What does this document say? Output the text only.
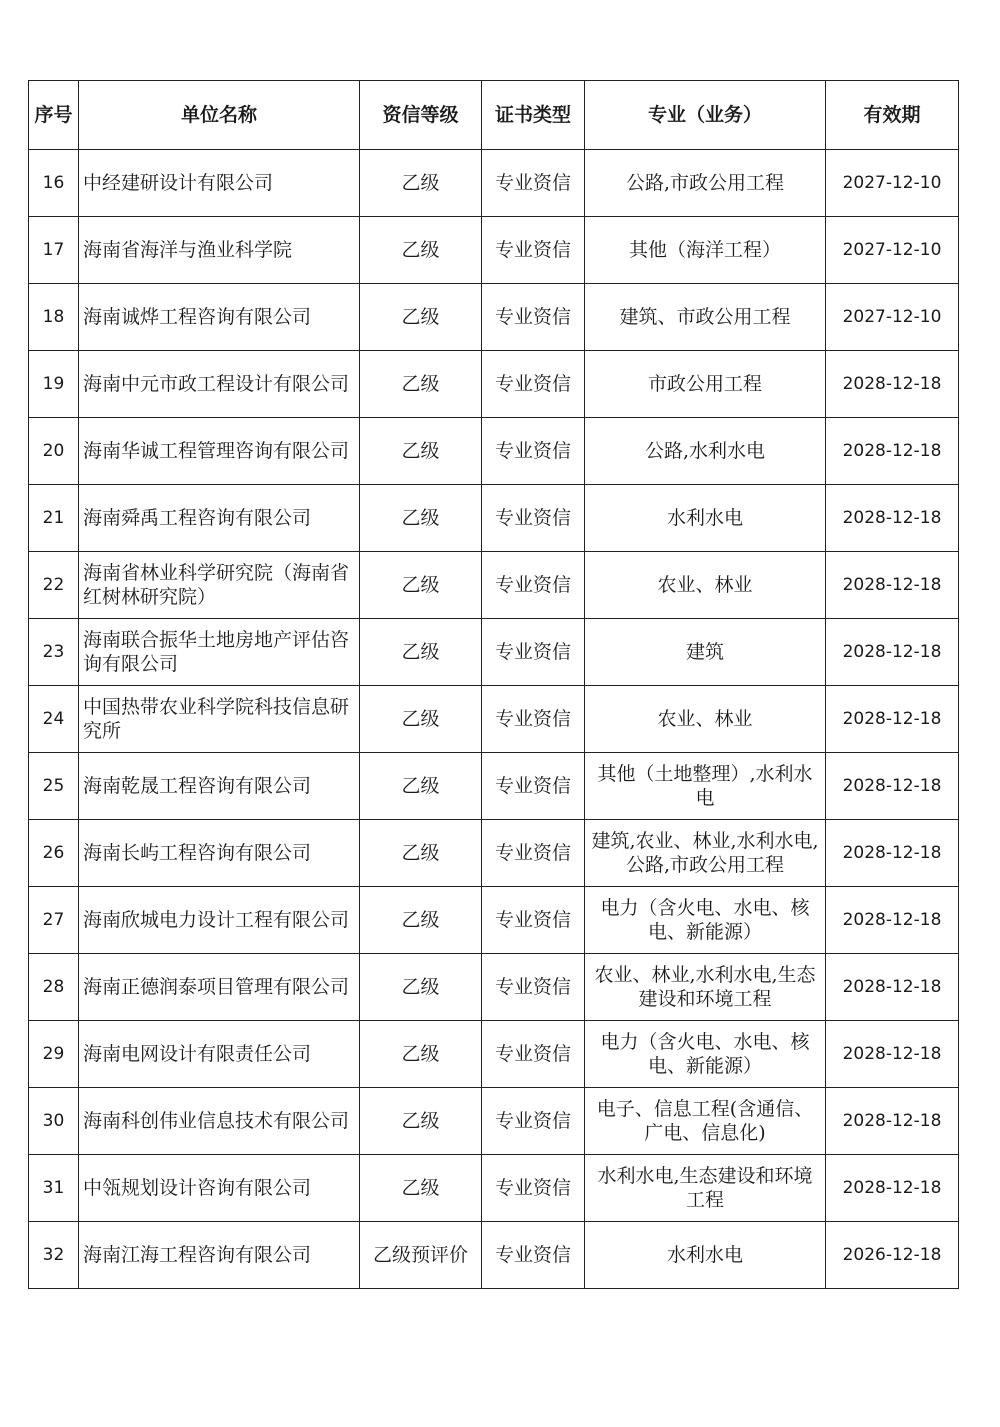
序号	单位名称	资信等级	证书类型	专业（业务）	有效期
16	中经建研设计有限公司	乙级	专业资信	公路,市政公用工程	2027-12-10
17	海南省海洋与渔业科学院	乙级	专业资信	其他（海洋工程）	2027-12-10
18	海南诚烨工程咨询有限公司	乙级	专业资信	建筑、市政公用工程	2027-12-10
19	海南中元市政工程设计有限公司	乙级	专业资信	市政公用工程	2028-12-18
20	海南华诚工程管理咨询有限公司	乙级	专业资信	公路,水利水电	2028-12-18
21	海南舜禹工程咨询有限公司	乙级	专业资信	水利水电	2028-12-18
22	海南省林业科学研究院（海南省红树林研究院）	乙级	专业资信	农业、林业	2028-12-18
23	海南联合振华土地房地产评估咨询有限公司	乙级	专业资信	建筑	2028-12-18
24	中国热带农业科学院科技信息研究所	乙级	专业资信	农业、林业	2028-12-18
25	海南乾晟工程咨询有限公司	乙级	专业资信	其他（土地整理）,水利水电	2028-12-18
26	海南长屿工程咨询有限公司	乙级	专业资信	建筑,农业、林业,水利水电,公路,市政公用工程	2028-12-18
27	海南欣城电力设计工程有限公司	乙级	专业资信	电力（含火电、水电、核电、新能源）	2028-12-18
28	海南正德润泰项目管理有限公司	乙级	专业资信	农业、林业,水利水电,生态建设和环境工程	2028-12-18
29	海南电网设计有限责任公司	乙级	专业资信	电力（含火电、水电、核电、新能源）	2028-12-18
30	海南科创伟业信息技术有限公司	乙级	专业资信	电子、信息工程(含通信、广电、信息化)	2028-12-18
31	中瓴规划设计咨询有限公司	乙级	专业资信	水利水电,生态建设和环境工程	2028-12-18
32	海南江海工程咨询有限公司	乙级预评价	专业资信	水利水电	2026-12-18
